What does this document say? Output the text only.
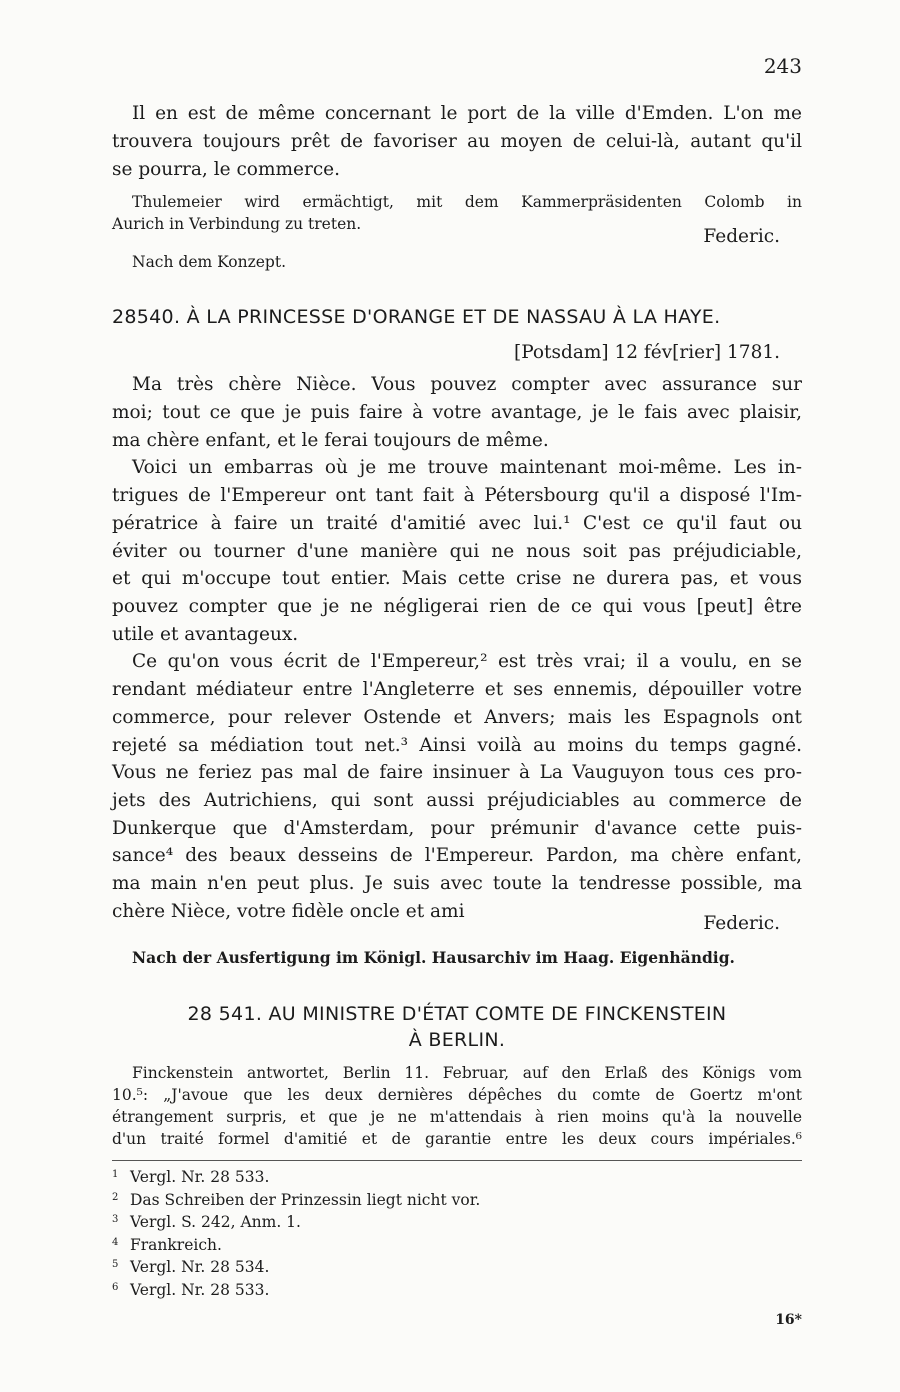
243
Il en est de même concernant le port de la ville d'Emden. L'on me
trouvera toujours prêt de favoriser au moyen de celui-là, autant qu'il
se pourra, le commerce.
Thulemeier wird ermächtigt, mit dem Kammerpräsidenten Colomb in
Aurich in Verbindung zu treten.
Federic.
Nach dem Konzept.
28540. À LA PRINCESSE D'ORANGE ET DE NASSAU À LA HAYE.
[Potsdam] 12 fév[rier] 1781.
Ma très chère Nièce. Vous pouvez compter avec assurance sur
moi; tout ce que je puis faire à votre avantage, je le fais avec plaisir,
ma chère enfant, et le ferai toujours de même.
Voici un embarras où je me trouve maintenant moi-même. Les in-
trigues de l'Empereur ont tant fait à Pétersbourg qu'il a disposé l'Im-
pératrice à faire un traité d'amitié avec lui.¹ C'est ce qu'il faut ou
éviter ou tourner d'une manière qui ne nous soit pas préjudiciable,
et qui m'occupe tout entier. Mais cette crise ne durera pas, et vous
pouvez compter que je ne négligerai rien de ce qui vous [peut] être
utile et avantageux.
Ce qu'on vous écrit de l'Empereur,² est très vrai; il a voulu, en se
rendant médiateur entre l'Angleterre et ses ennemis, dépouiller votre
commerce, pour relever Ostende et Anvers; mais les Espagnols ont
rejeté sa médiation tout net.³ Ainsi voilà au moins du temps gagné.
Vous ne feriez pas mal de faire insinuer à La Vauguyon tous ces pro-
jets des Autrichiens, qui sont aussi préjudiciables au commerce de
Dunkerque que d'Amsterdam, pour prémunir d'avance cette puis-
sance⁴ des beaux desseins de l'Empereur. Pardon, ma chère enfant,
ma main n'en peut plus. Je suis avec toute la tendresse possible, ma
chère Nièce, votre fidèle oncle et ami
Federic.
Nach der Ausfertigung im Königl. Hausarchiv im Haag. Eigenhändig.
28 541. AU MINISTRE D'ÉTAT COMTE DE FINCKENSTEIN
À BERLIN.
Finckenstein antwortet, Berlin 11. Februar, auf den Erlaß des Königs vom
10.⁵: „J'avoue que les deux dernières dépêches du comte de Goertz m'ont
étrangement surpris, et que je ne m'attendais à rien moins qu'à la nouvelle
d'un traité formel d'amitié et de garantie entre les deux cours impériales.⁶
1 Vergl. Nr. 28 533.
2 Das Schreiben der Prinzessin liegt nicht vor.
3 Vergl. S. 242, Anm. 1.
4 Frankreich.
5 Vergl. Nr. 28 534.
6 Vergl. Nr. 28 533.
16*
